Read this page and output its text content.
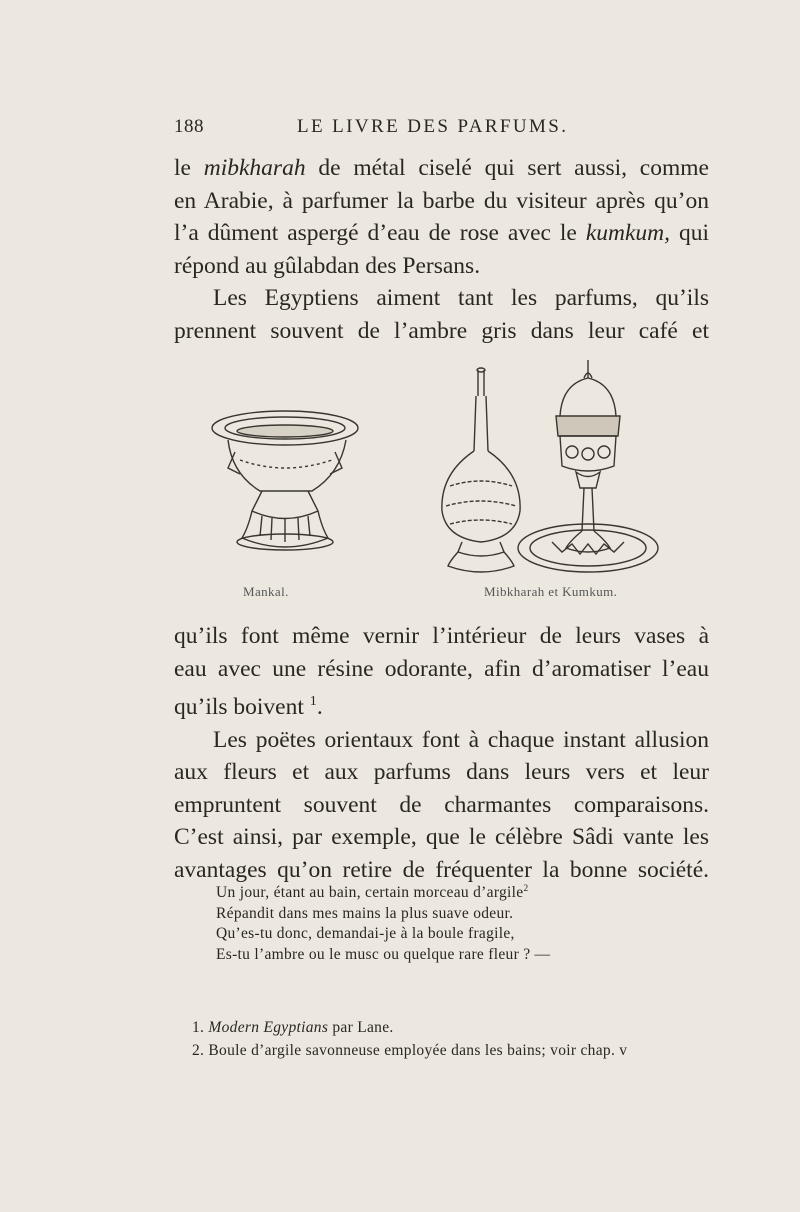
188	LE LIVRE DES PARFUMS.

le mibkharah de métal ciselé qui sert aussi, comme
en Arabie, à parfumer la barbe du visiteur après qu’on
l’a dûment aspergé d’eau de rose avec le kumkum, qui
répond au gûlabdan des Persans.

Les Egyptiens aiment tant les parfums, qu’ils
prennent souvent de l’ambre gris dans leur café et

Mankal.	Mibkharah et Kumkum.

qu’ils font même vernir l’intérieur de leurs vases à
eau avec une résine odorante, afin d’aromatiser l’eau
qu’ils boivent $^1$.

Les poëtes orientaux font à chaque instant allusion
aux fleurs et aux parfums dans leurs vers et leur
empruntent souvent de charmantes comparaisons.
C’est ainsi, par exemple, que le célèbre Sâdi vante les
avantages qu’on retire de fréquenter la bonne société.

Un jour, étant au bain, certain morceau d’argile$^2$
Répandit dans mes mains la plus suave odeur.
Qu’es-tu donc, demandai-je à la boule fragile,
Es-tu l’ambre ou le musc ou quelque rare fleur ? —
1. Modern Egyptians par Lane.
2. Boule d’argile savonneuse employée dans les bains; voir chap. v
